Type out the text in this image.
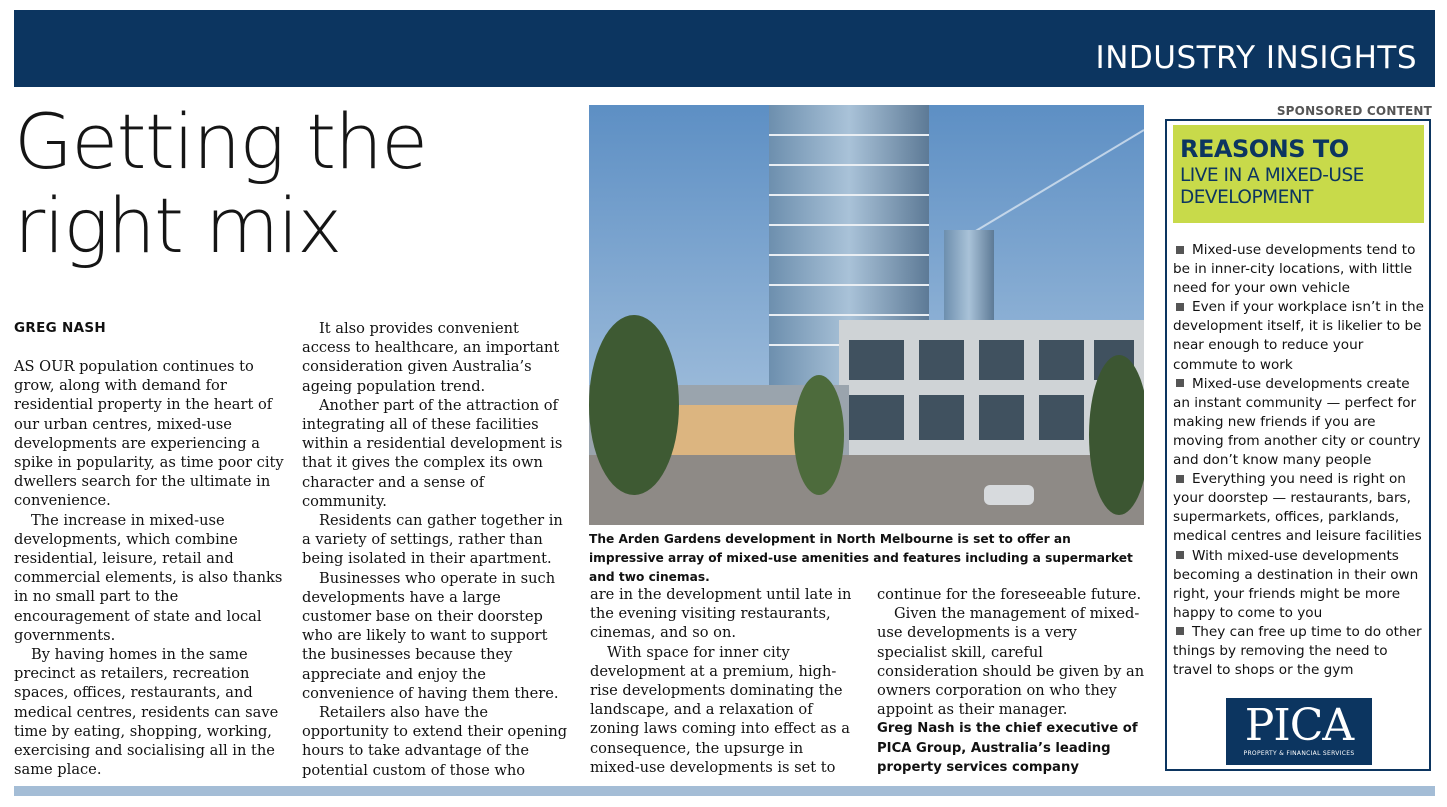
INDUSTRY INSIGHTS
Getting the
right mix
GREG NASH

AS OUR population continues to grow, along with demand for residential property in the heart of our urban centres, mixed-use developments are experiencing a spike in popularity, as time poor city dwellers search for the ultimate in convenience.

The increase in mixed-use developments, which combine residential, leisure, retail and commercial elements, is also thanks in no small part to the encouragement of state and local governments.

By having homes in the same precinct as retailers, recreation spaces, offices, restaurants, and medical centres, residents can save time by eating, shopping, working, exercising and socialising all in the same place.

It also provides convenient access to healthcare, an important consideration given Australia’s ageing population trend.

Another part of the attraction of integrating all of these facilities within a residential development is that it gives the complex its own character and a sense of community.

Residents can gather together in a variety of settings, rather than being isolated in their apartment.

Businesses who operate in such developments have a large customer base on their doorstep who are likely to want to support the businesses because they appreciate and enjoy the convenience of having them there.

Retailers also have the opportunity to extend their opening hours to take advantage of the potential custom of those who

The Arden Gardens development in North Melbourne is set to offer an impressive array of mixed-use amenities and features including a supermarket and two cinemas.

are in the development until late in the evening visiting restaurants, cinemas, and so on.

With space for inner city development at a premium, high-rise developments dominating the landscape, and a relaxation of zoning laws coming into effect as a consequence, the upsurge in mixed-use developments is set to

continue for the foreseeable future.

Given the management of mixed-use developments is a very specialist skill, careful consideration should be given by an owners corporation on who they appoint as their manager.

Greg Nash is the chief executive of PICA Group, Australia’s leading property services company

SPONSORED CONTENT
REASONS TO
LIVE IN A MIXED-USE
DEVELOPMENT
Mixed-use developments tend to be in inner-city locations, with little need for your own vehicle
Even if your workplace isn’t in the development itself, it is likelier to be near enough to reduce your commute to work
Mixed-use developments create an instant community — perfect for making new friends if you are moving from another city or country and don’t know many people
Everything you need is right on your doorstep — restaurants, bars, supermarkets, offices, parklands, medical centres and leisure facilities
With mixed-use developments becoming a destination in their own right, your friends might be more happy to come to you
They can free up time to do other things by removing the need to travel to shops or the gym
PICA
PROPERTY & FINANCIAL SERVICES
